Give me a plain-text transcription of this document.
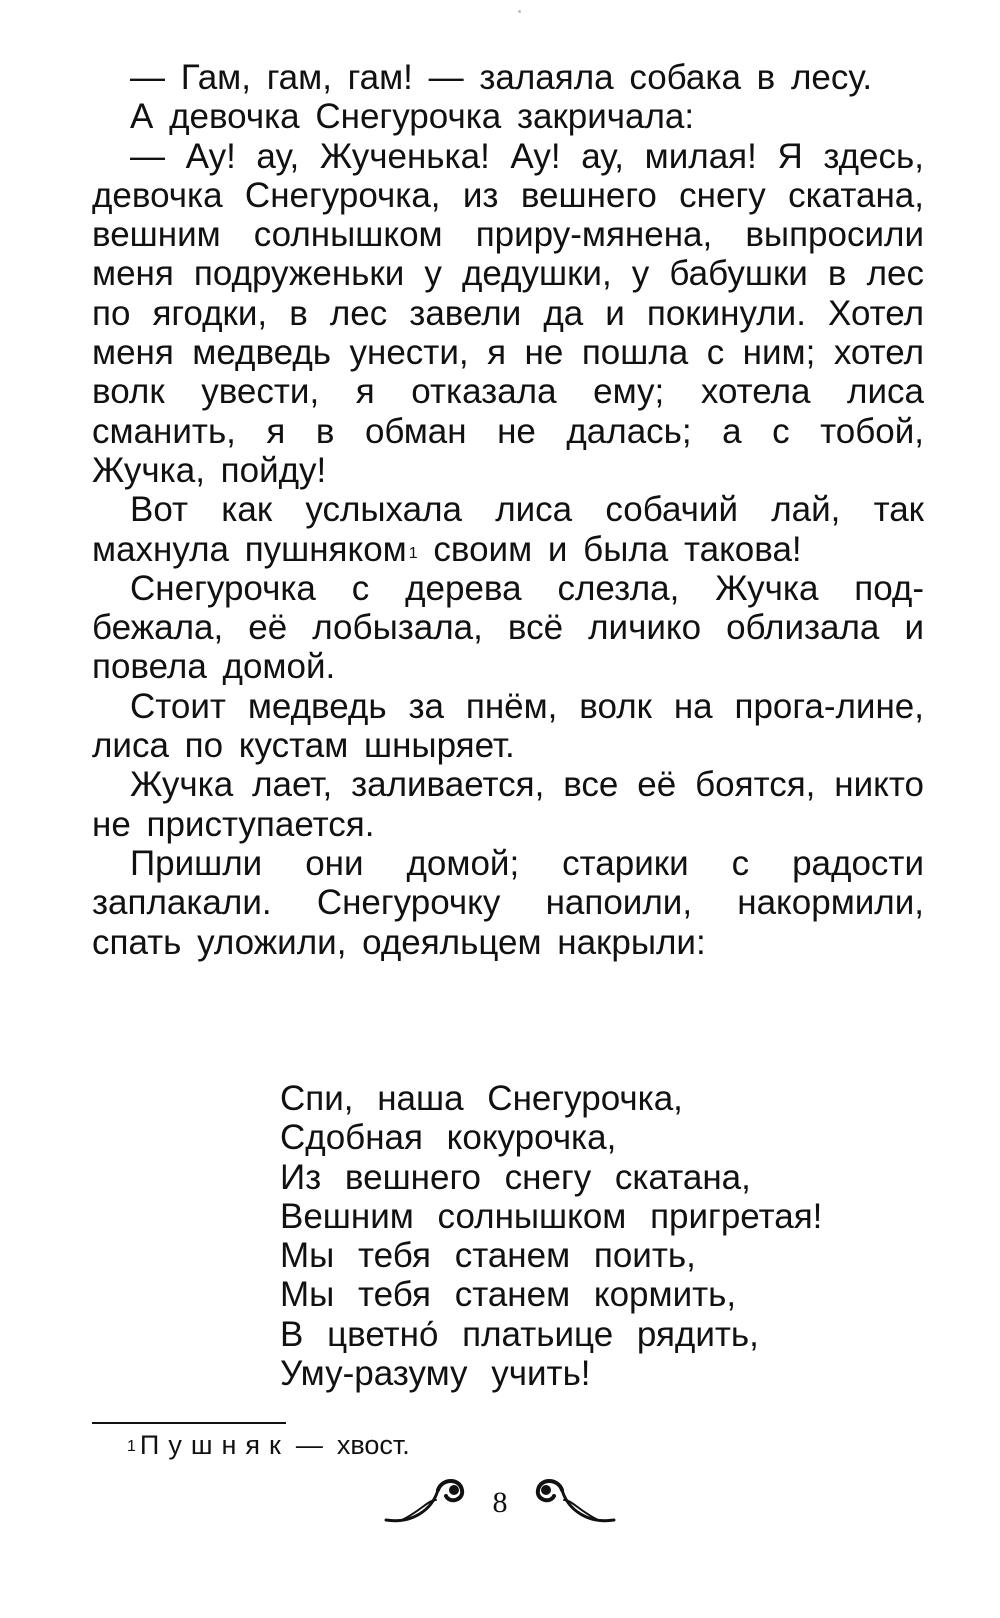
— Гам, гам, гам! — залаяла собака в лесу.

А девочка Снегурочка закричала:

— Ау! ау, Жученька! Ау! ау, милая! Я здесь, девочка Снегурочка, из вешнего снегу скатана, вешним солнышком приру-мянена, выпросили меня подруженьки у дедушки, у бабушки в лес по ягодки, в лес завели да и покинули. Хотел меня медведь унести, я не пошла с ним; хотел волк увести, я отказала ему; хотела лиса сманить, я в обман не далась; а с тобой, Жучка, пойду!

Вот как услыхала лиса собачий лай, так махнула пушняком $^1$ своим и была такова!

Снегурочка с дерева слезла, Жучка под-бежала, её лобызала, всё личико облизала и повела домой.

Стоит медведь за пнём, волк на прога-лине, лиса по кустам шныряет.

Жучка лает, заливается, все её боятся, никто не приступается.

Пришли они домой; старики с радости заплакали. Снегурочку напоили, накормили, спать уложили, одеяльцем накрыли:

Спи, наша Снегурочка,
Сдобная кокурочка,
Из вешнего снегу скатана,
Вешним солнышком пригретая!
Мы тебя станем поить,
Мы тебя станем кормить,
В цветно́ платьице рядить,
Уму-разуму учить!
$^1$ Пушняк — хвост.
8
